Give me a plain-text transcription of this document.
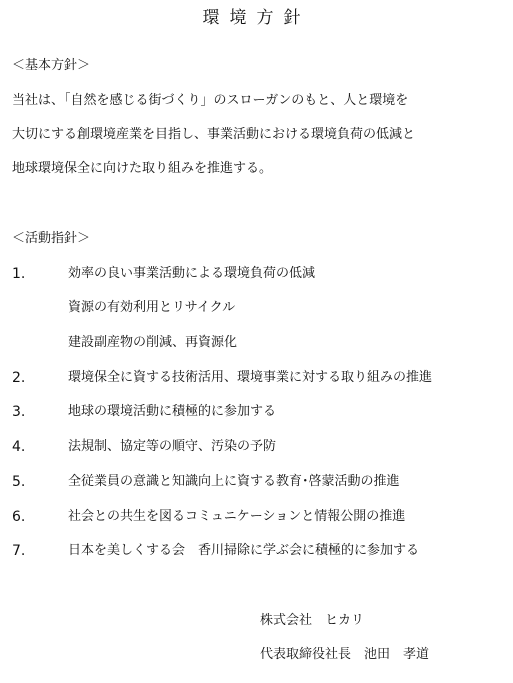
環境方針
＜基本方針＞
当社は、「自然を感じる街づくり」のスローガンのもと、人と環境を
大切にする創環境産業を目指し、事業活動における環境負荷の低減と
地球環境保全に向けた取り組みを推進する。
＜活動指針＞
1.	効率の良い事業活動による環境負荷の低減
資源の有効利用とリサイクル
建設副産物の削減、再資源化
2.	環境保全に資する技術活用、環境事業に対する取り組みの推進
3.	地球の環境活動に積極的に参加する
4.	法規制、協定等の順守、汚染の予防
5.	全従業員の意識と知識向上に資する教育･啓蒙活動の推進
6.	社会との共生を図るコミュニケーションと情報公開の推進
7.	日本を美しくする会　香川掃除に学ぶ会に積極的に参加する
株式会社　ヒカリ
代表取締役社長　池田　孝道
